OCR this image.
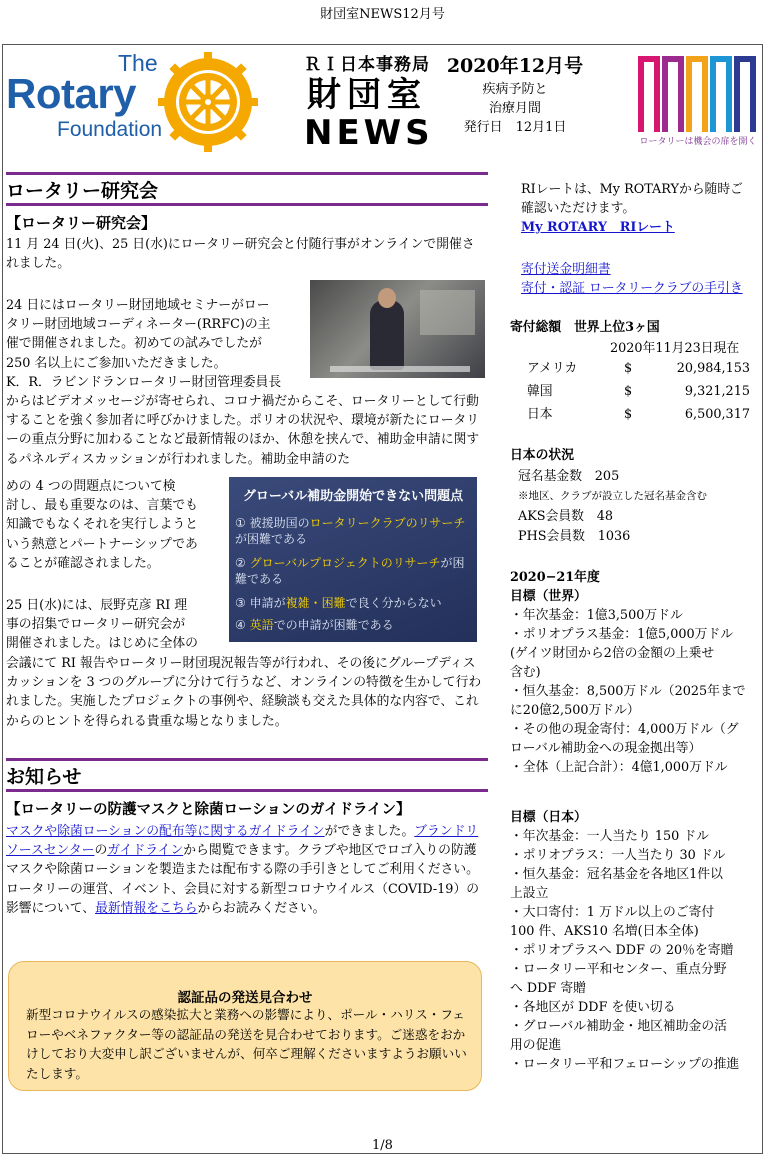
財団室NEWS12月号
The
Rotary
Foundation
ＲＩ日本事務局
財団室
NEWS
2020年12月号
疾病予防と
治療月間
発行日　12月1日
ロータリーは機会の扉を開く
ロータリー研究会
【ロータリー研究会】
11 月 24 日(火)、25 日(水)にロータリー研究会と付随行事がオンラインで開催されました。
24 日にはロータリー財団地域セミナーがロー
タリー財団地域コーディネーター(RRFC)の主
催で開催されました。初めての試みでしたが
250 名以上にご参加いただきました。
K．R．ラビンドランロータリー財団管理委員長
からはビデオメッセージが寄せられ、コロナ禍だからこそ、ロータリーとして行動することを強く参加者に呼びかけました。ポリオの状況や、環境が新たにロータリーの重点分野に加わることなど最新情報のほか、休憩を挟んで、補助金申請に関するパネルディスカッションが行われました。補助金申請のた
めの 4 つの問題点について検
討し、最も重要なのは、言葉でも
知識でもなくそれを実行しようと
いう熱意とパートナーシップであ
ることが確認されました。
グローバル補助金開始できない問題点
① 被援助国のロータリークラブのリサーチが困難である
② グローバルプロジェクトのリサーチが困難である
③ 申請が複雑・困難で良く分からない
④ 英語での申請が困難である
25 日(水)には、辰野克彦 RI 理
事の招集でロータリー研究会が
開催されました。はじめに全体の
会議にて RI 報告やロータリー財団現況報告等が行われ、その後にグループディスカッションを 3 つのグループに分けて行うなど、オンラインの特徴を生かして行われました。実施したプロジェクトの事例や、経験談も交えた具体的な内容で、これからのヒントを得られる貴重な場となりました。
お知らせ
【ロータリーの防護マスクと除菌ローションのガイドライン】
マスクや除菌ローションの配布等に関するガイドラインができました。ブランドリソースセンターのガイドラインから閲覧できます。クラブや地区でロゴ入りの防護マスクや除菌ローションを製造または配布する際の手引きとしてご利用ください。
ロータリーの運営、イベント、会員に対する新型コロナウイルス（COVID-19）の影響について、最新情報をこちらからお読みください。
認証品の発送見合わせ
新型コロナウイルスの感染拡大と業務への影響により、ポール・ハリス・フェローやベネファクター等の認証品の発送を見合わせております。ご迷惑をおかけしており大変申し訳ございませんが、何卒ご理解くださいますようお願いいたします。
RIレートは、My ROTARYから随時ご確認いただけます。
My ROTARY　RIレート
寄付送金明細書
寄付・認証 ロータリークラブの手引き
寄付総額　世界上位3ヶ国
2020年11月23日現在
アメリカ	$	20,984,153
韓国	$	9,321,215
日本	$	6,500,317
日本の状況
冠名基金数　205
※地区、クラブが設立した冠名基金含む
AKS会員数　48
PHS会員数　1036
2020−21年度
目標（世界）
・年次基金：1億3,500万ドル
・ポリオプラス基金：1億5,000万ドル
(ゲイツ財団から2倍の金額の上乗せ
含む)
・恒久基金：8,500万ドル（2025年まで
に20億2,500万ドル）
・その他の現金寄付：4,000万ドル（グ
ローバル補助金への現金拠出等）
・全体（上記合計）：4億1,000万ドル
目標（日本）
・年次基金：一人当たり 150 ドル
・ポリオプラス：一人当たり 30 ドル
・恒久基金：冠名基金を各地区1件以
上設立
・大口寄付：1 万ドル以上のご寄付
100 件、AKS10 名増(日本全体)
・ポリオプラスへ DDF の 20％を寄贈
・ロータリー平和センター、重点分野
へ DDF 寄贈
・各地区が DDF を使い切る
・グローバル補助金・地区補助金の活
用の促進
・ロータリー平和フェローシップの推進
1/8
